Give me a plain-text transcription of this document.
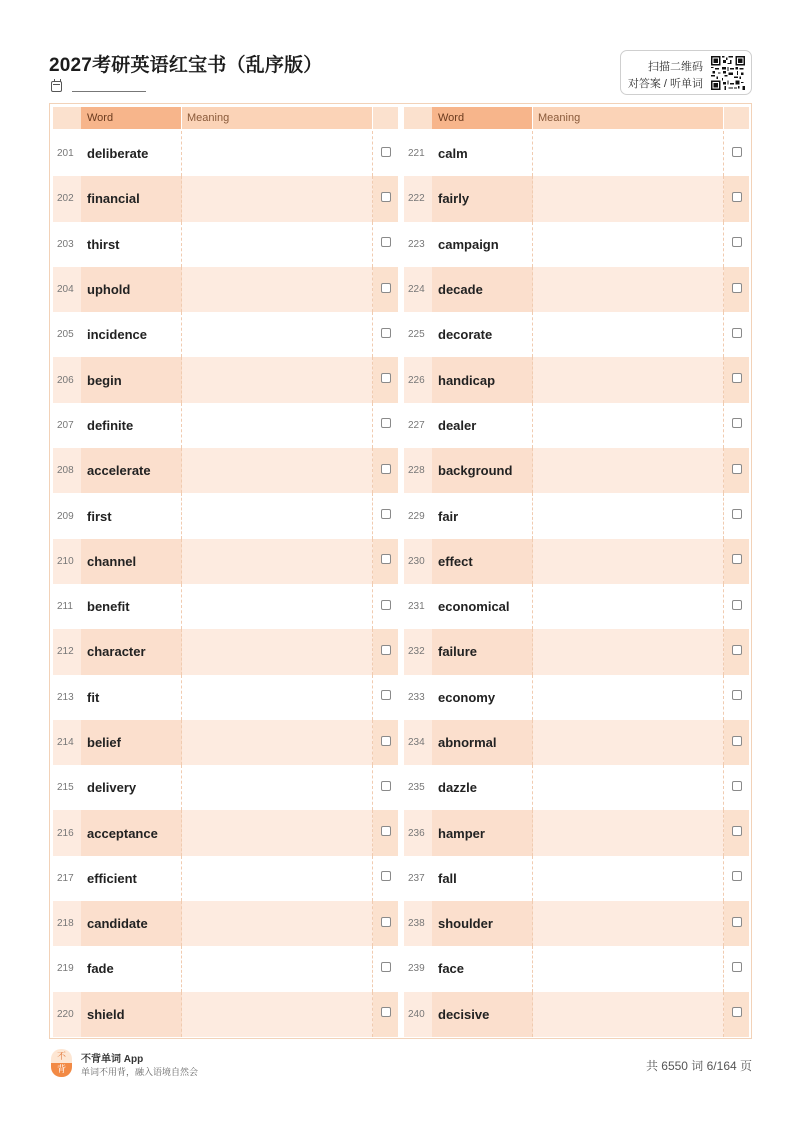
2027考研英语红宝书（乱序版）	扫描二维码
对答案 / 听单词
Word	Meaning
201	deliberate
202	financial
203	thirst
204	uphold
205	incidence
206	begin
207	definite
208	accelerate
209	first
210	channel
211	benefit
212	character
213	fit
214	belief
215	delivery
216	acceptance
217	efficient
218	candidate
219	fade
220	shield
Word	Meaning
221	calm
222	fairly
223	campaign
224	decade
225	decorate
226	handicap
227	dealer
228	background
229	fair
230	effect
231	economical
232	failure
233	economy
234	abnormal
235	dazzle
236	hamper
237	fall
238	shoulder
239	face
240	decisive
不
背
不背单词 App
单词不用背，融入语境自然会	共 6550 词 6/164 页
